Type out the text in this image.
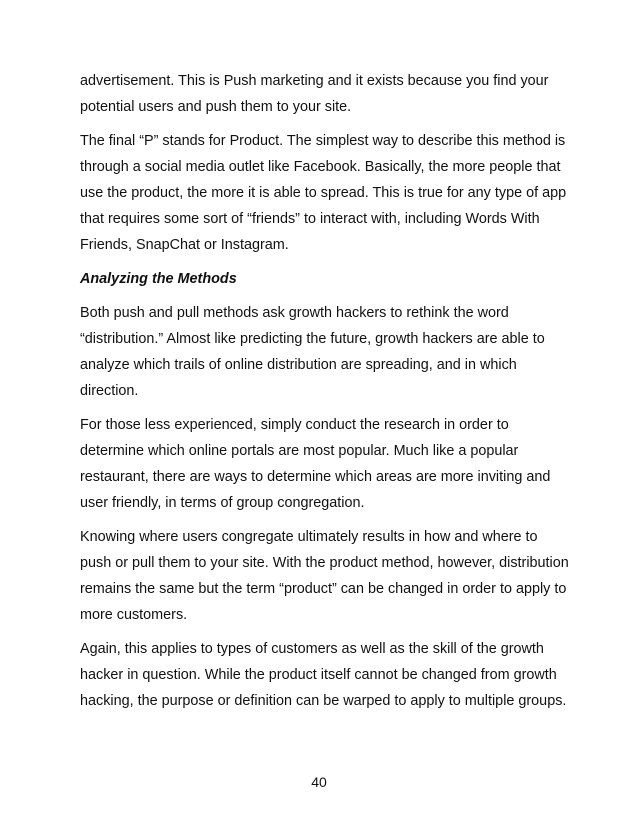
advertisement. This is Push marketing and it exists because you find your potential users and push them to your site.

The final “P” stands for Product. The simplest way to describe this method is through a social media outlet like Facebook. Basically, the more people that use the product, the more it is able to spread. This is true for any type of app that requires some sort of “friends” to interact with, including Words With Friends, SnapChat or Instagram.

Analyzing the Methods

Both push and pull methods ask growth hackers to rethink the word “distribution.” Almost like predicting the future, growth hackers are able to analyze which trails of online distribution are spreading, and in which direction.

For those less experienced, simply conduct the research in order to determine which online portals are most popular. Much like a popular restaurant, there are ways to determine which areas are more inviting and user friendly, in terms of group congregation.

Knowing where users congregate ultimately results in how and where to push or pull them to your site. With the product method, however, distribution remains the same but the term “product” can be changed in order to apply to more customers.

Again, this applies to types of customers as well as the skill of the growth hacker in question. While the product itself cannot be changed from growth hacking, the purpose or definition can be warped to apply to multiple groups.

40
